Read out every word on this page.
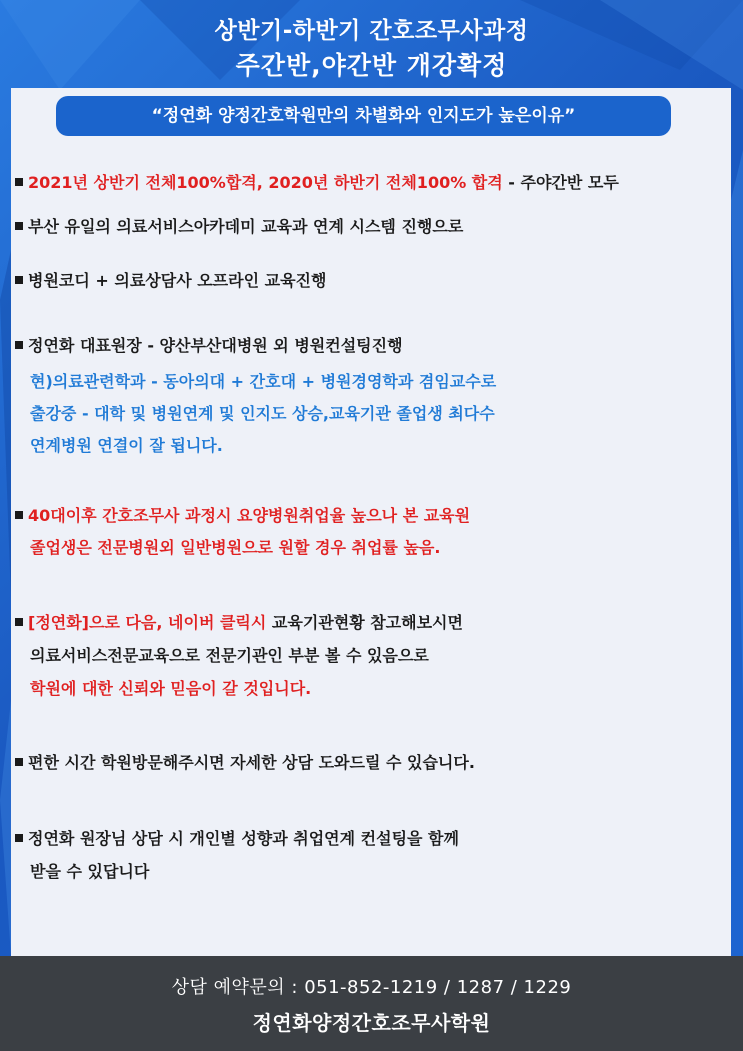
상반기-하반기 간호조무사과정
주간반,야간반 개강확정
“정연화 양정간호학원만의 차별화와 인지도가 높은이유”
2021년 상반기 전체100%합격, 2020년 하반기 전체100% 합격 - 주야간반 모두
부산 유일의 의료서비스아카데미 교육과 연계 시스템 진행으로
병원코디 + 의료상담사 오프라인 교육진행
정연화 대표원장 - 양산부산대병원 외 병원컨설팅진행
현)의료관련학과 - 동아의대 + 간호대 + 병원경영학과 겸임교수로
출강중 - 대학 및 병원연계 및 인지도 상승,교육기관 졸업생 최다수
연계병원 연결이 잘 됩니다.
40대이후 간호조무사 과정시 요양병원취업율 높으나 본 교육원
졸업생은 전문병원외 일반병원으로 원할 경우 취업률 높음.
[정연화]으로 다음, 네이버 클릭시 교육기관현황 참고해보시면
의료서비스전문교육으로 전문기관인 부분 볼 수 있음으로
학원에 대한 신뢰와 믿음이 갈 것입니다.
편한 시간 학원방문해주시면 자세한 상담 도와드릴 수 있습니다.
정연화 원장님 상담 시 개인별 성향과 취업연계 컨설팅을 함께
받을 수 있답니다
상담 예약문의 : 051-852-1219 / 1287 / 1229
정연화양정간호조무사학원
